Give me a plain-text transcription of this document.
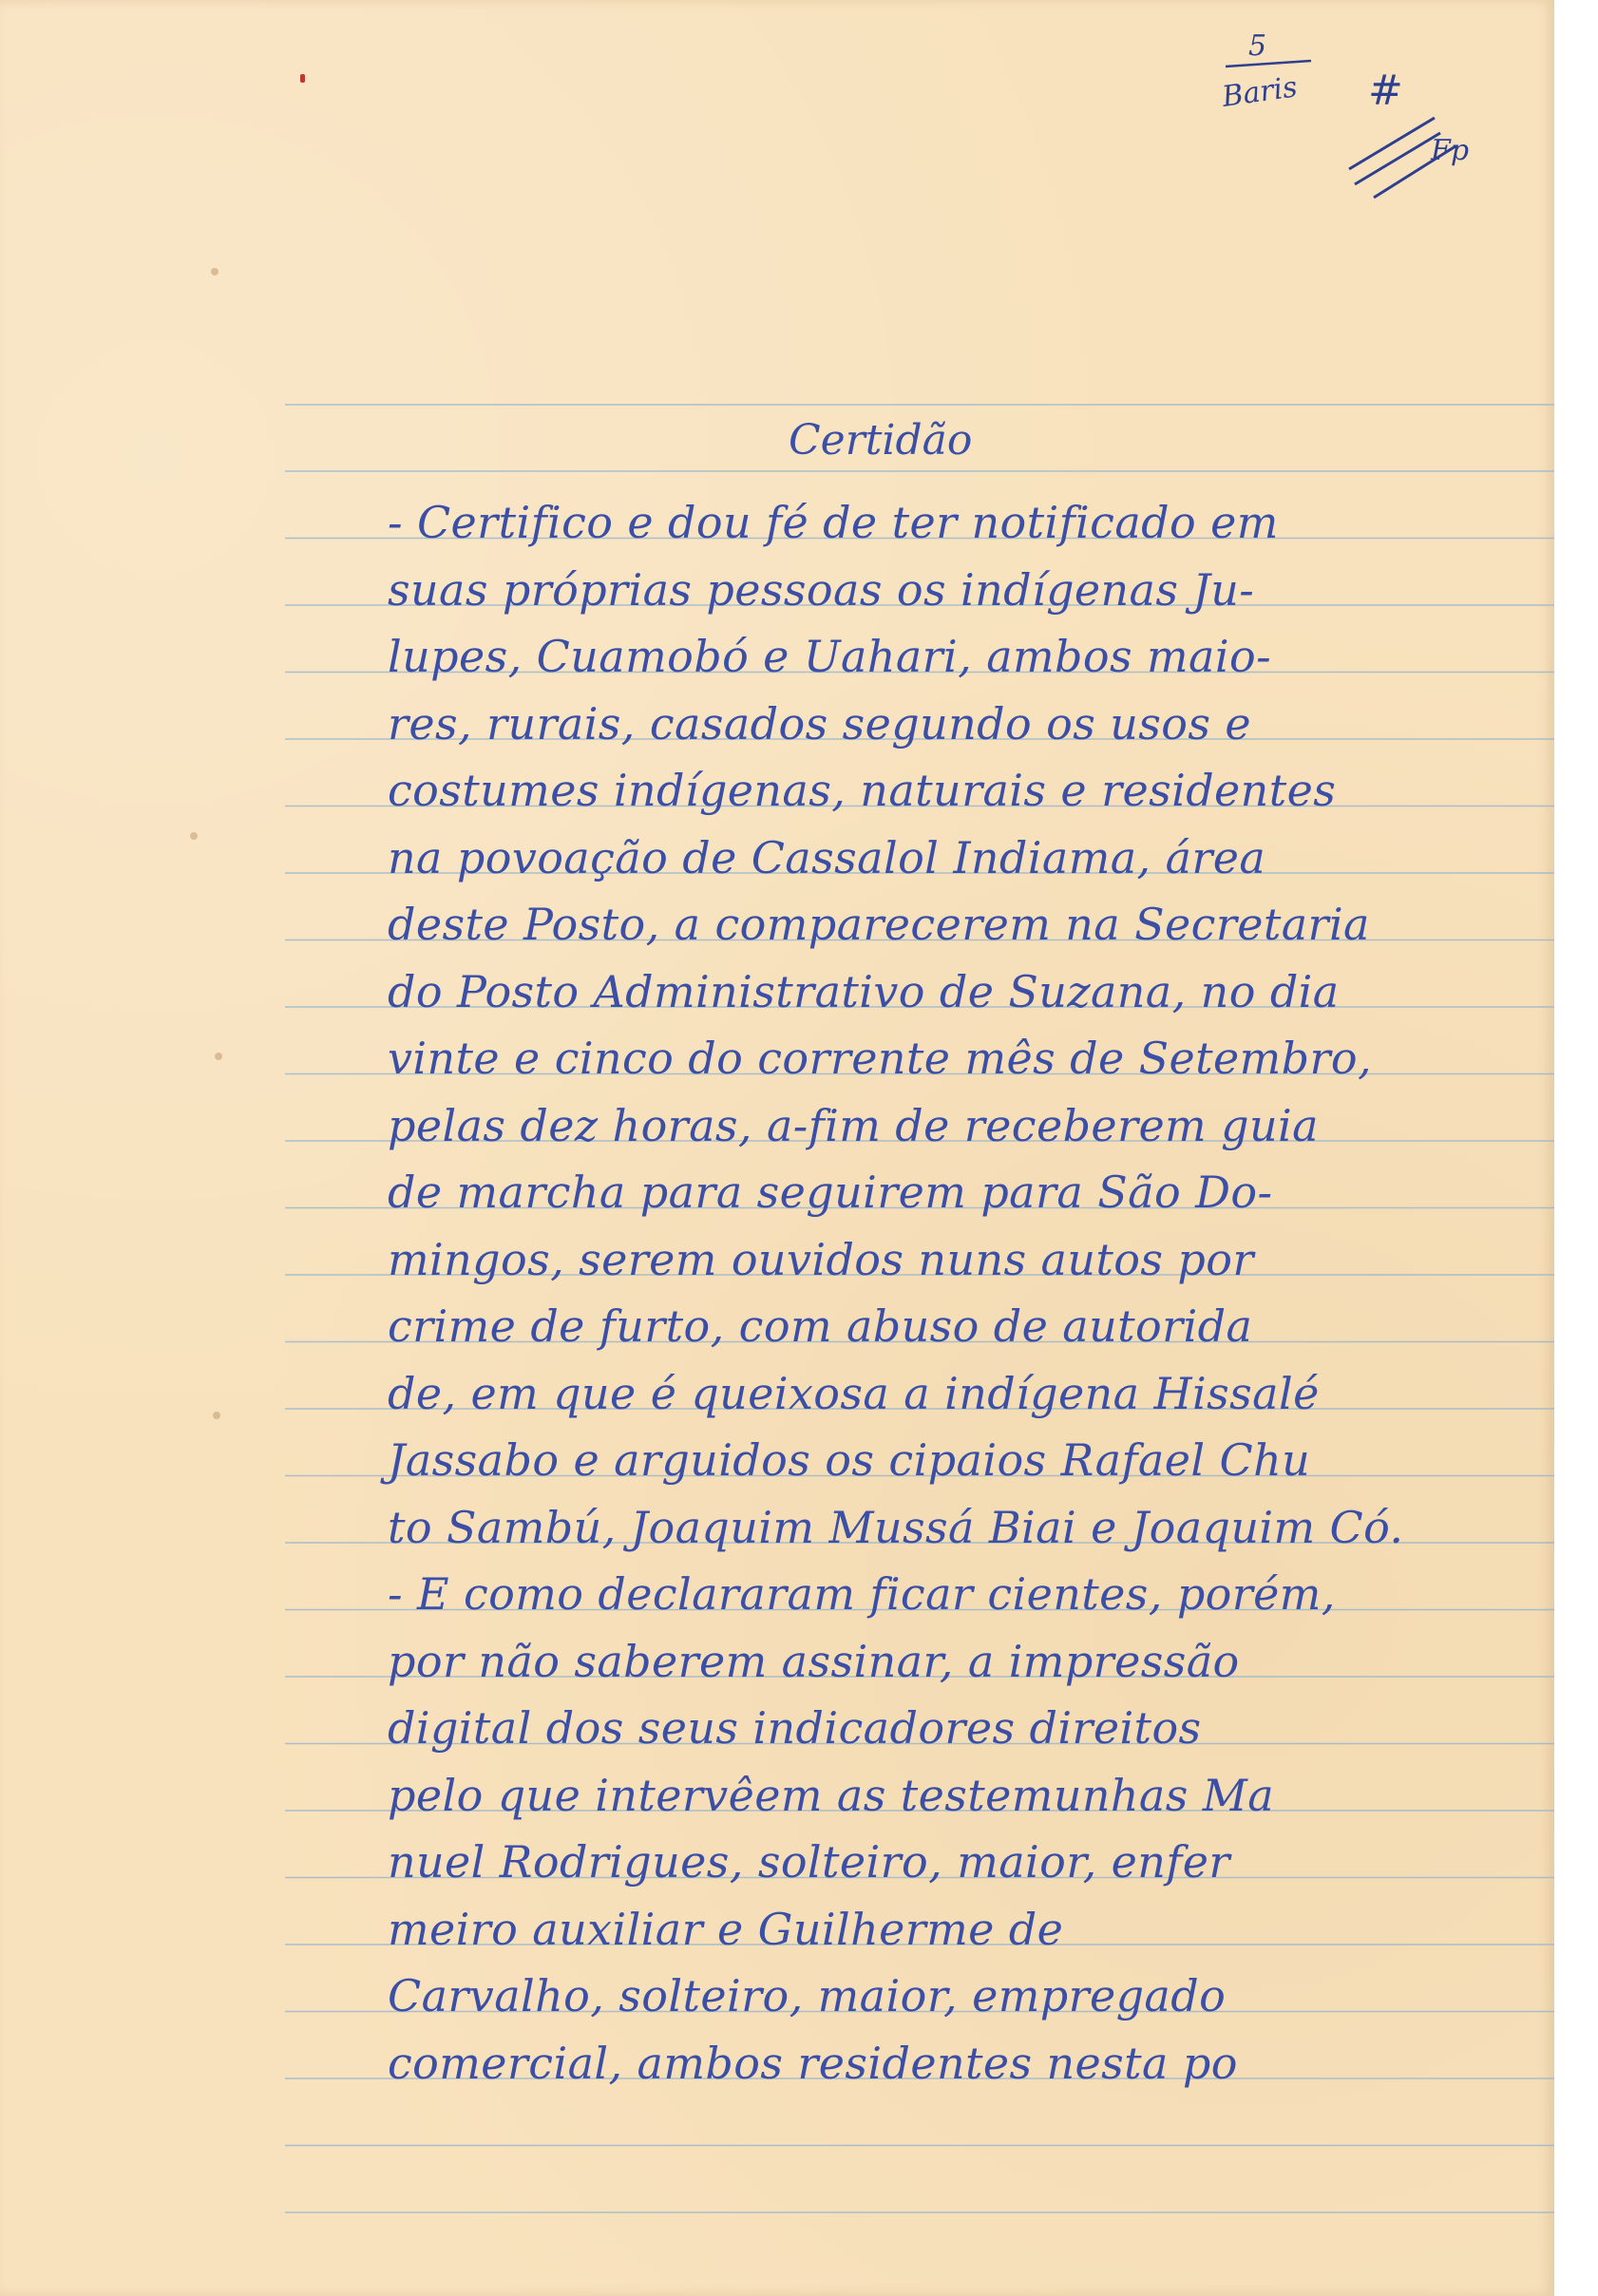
5
Baris #
Fp
Certidão
- Certifico e dou fé de ter notificado em
suas próprias pessoas os indígenas Ju-
lupes, Cuamobó e Uahari, ambos maio-
res, rurais, casados segundo os usos e
costumes indígenas, naturais e residentes
na povoação de Cassalol Indiama, área
deste Posto, a comparecerem na Secretaria
do Posto Administrativo de Suzana, no dia
vinte e cinco do corrente mês de Setembro,
pelas dez horas, a-fim de receberem guia
de marcha para seguirem para São Do-
mingos, serem ouvidos nuns autos por
crime de furto, com abuso de autorida
de, em que é queixosa a indígena Hissalé
Jassabo e arguidos os cipaios Rafael Chu
to Sambú, Joaquim Mussá Biai e Joaquim Có.
- E como declararam ficar cientes, porém,
por não saberem assinar, a impressão
digital dos seus indicadores direitos
pelo que intervêem as testemunhas Ma
nuel Rodrigues, solteiro, maior, enfer
meiro auxiliar e Guilherme de
Carvalho, solteiro, maior, empregado
comercial, ambos residentes nesta po
